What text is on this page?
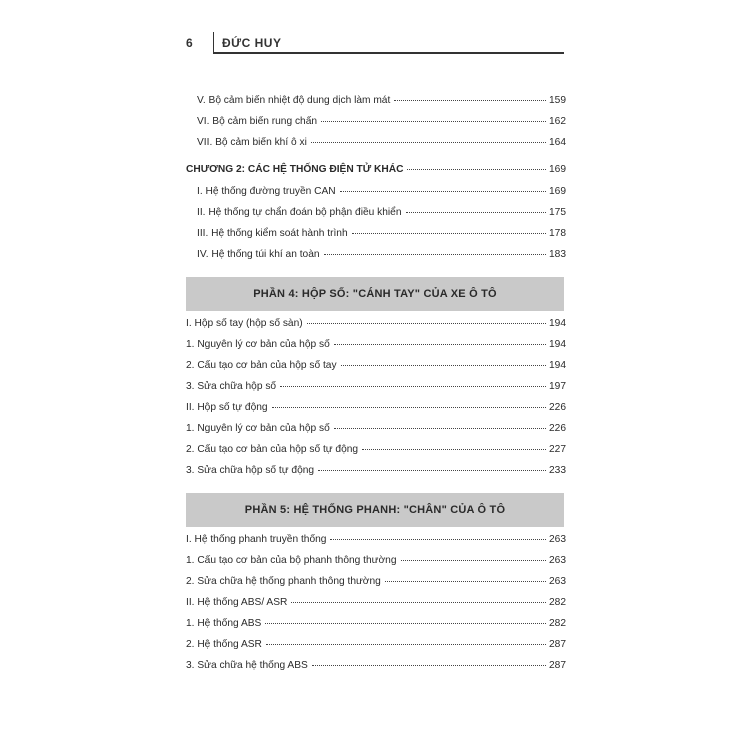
6 ĐỨC HUY
V. Bộ cảm biến nhiệt độ dung dịch làm mát	159
VI. Bộ cảm biến rung chấn	162
VII. Bộ cảm biến khí ô xi	164
CHƯƠNG 2: CÁC HỆ THỐNG ĐIỆN TỬ KHÁC	169
I. Hệ thống đường truyền CAN	169
II. Hệ thống tự chẩn đoán bộ phận điều khiển	175
III. Hệ thống kiểm soát hành trình	178
IV. Hệ thống túi khí an toàn	183
PHẦN 4: HỘP SỐ: "CÁNH TAY" CỦA XE Ô TÔ
I. Hộp số tay (hộp số sàn)	194
1. Nguyên lý cơ bản của hộp số	194
2. Cấu tạo cơ bản của hộp số tay	194
3. Sửa chữa hộp số	197
II. Hộp số tự động	226
1. Nguyên lý cơ bản của hộp số	226
2. Cấu tạo cơ bản của hộp số tự động	227
3. Sửa chữa hộp số tự động	233
PHẦN 5: HỆ THỐNG PHANH: "CHÂN" CỦA Ô TÔ
I. Hệ thống phanh truyền thống	263
1. Cấu tạo cơ bản của bộ phanh thông thường	263
2. Sửa chữa hệ thống phanh thông thường	263
II. Hệ thống ABS/ ASR	282
1. Hệ thống ABS	282
2. Hệ thống ASR	287
3. Sửa chữa hệ thống ABS	287
